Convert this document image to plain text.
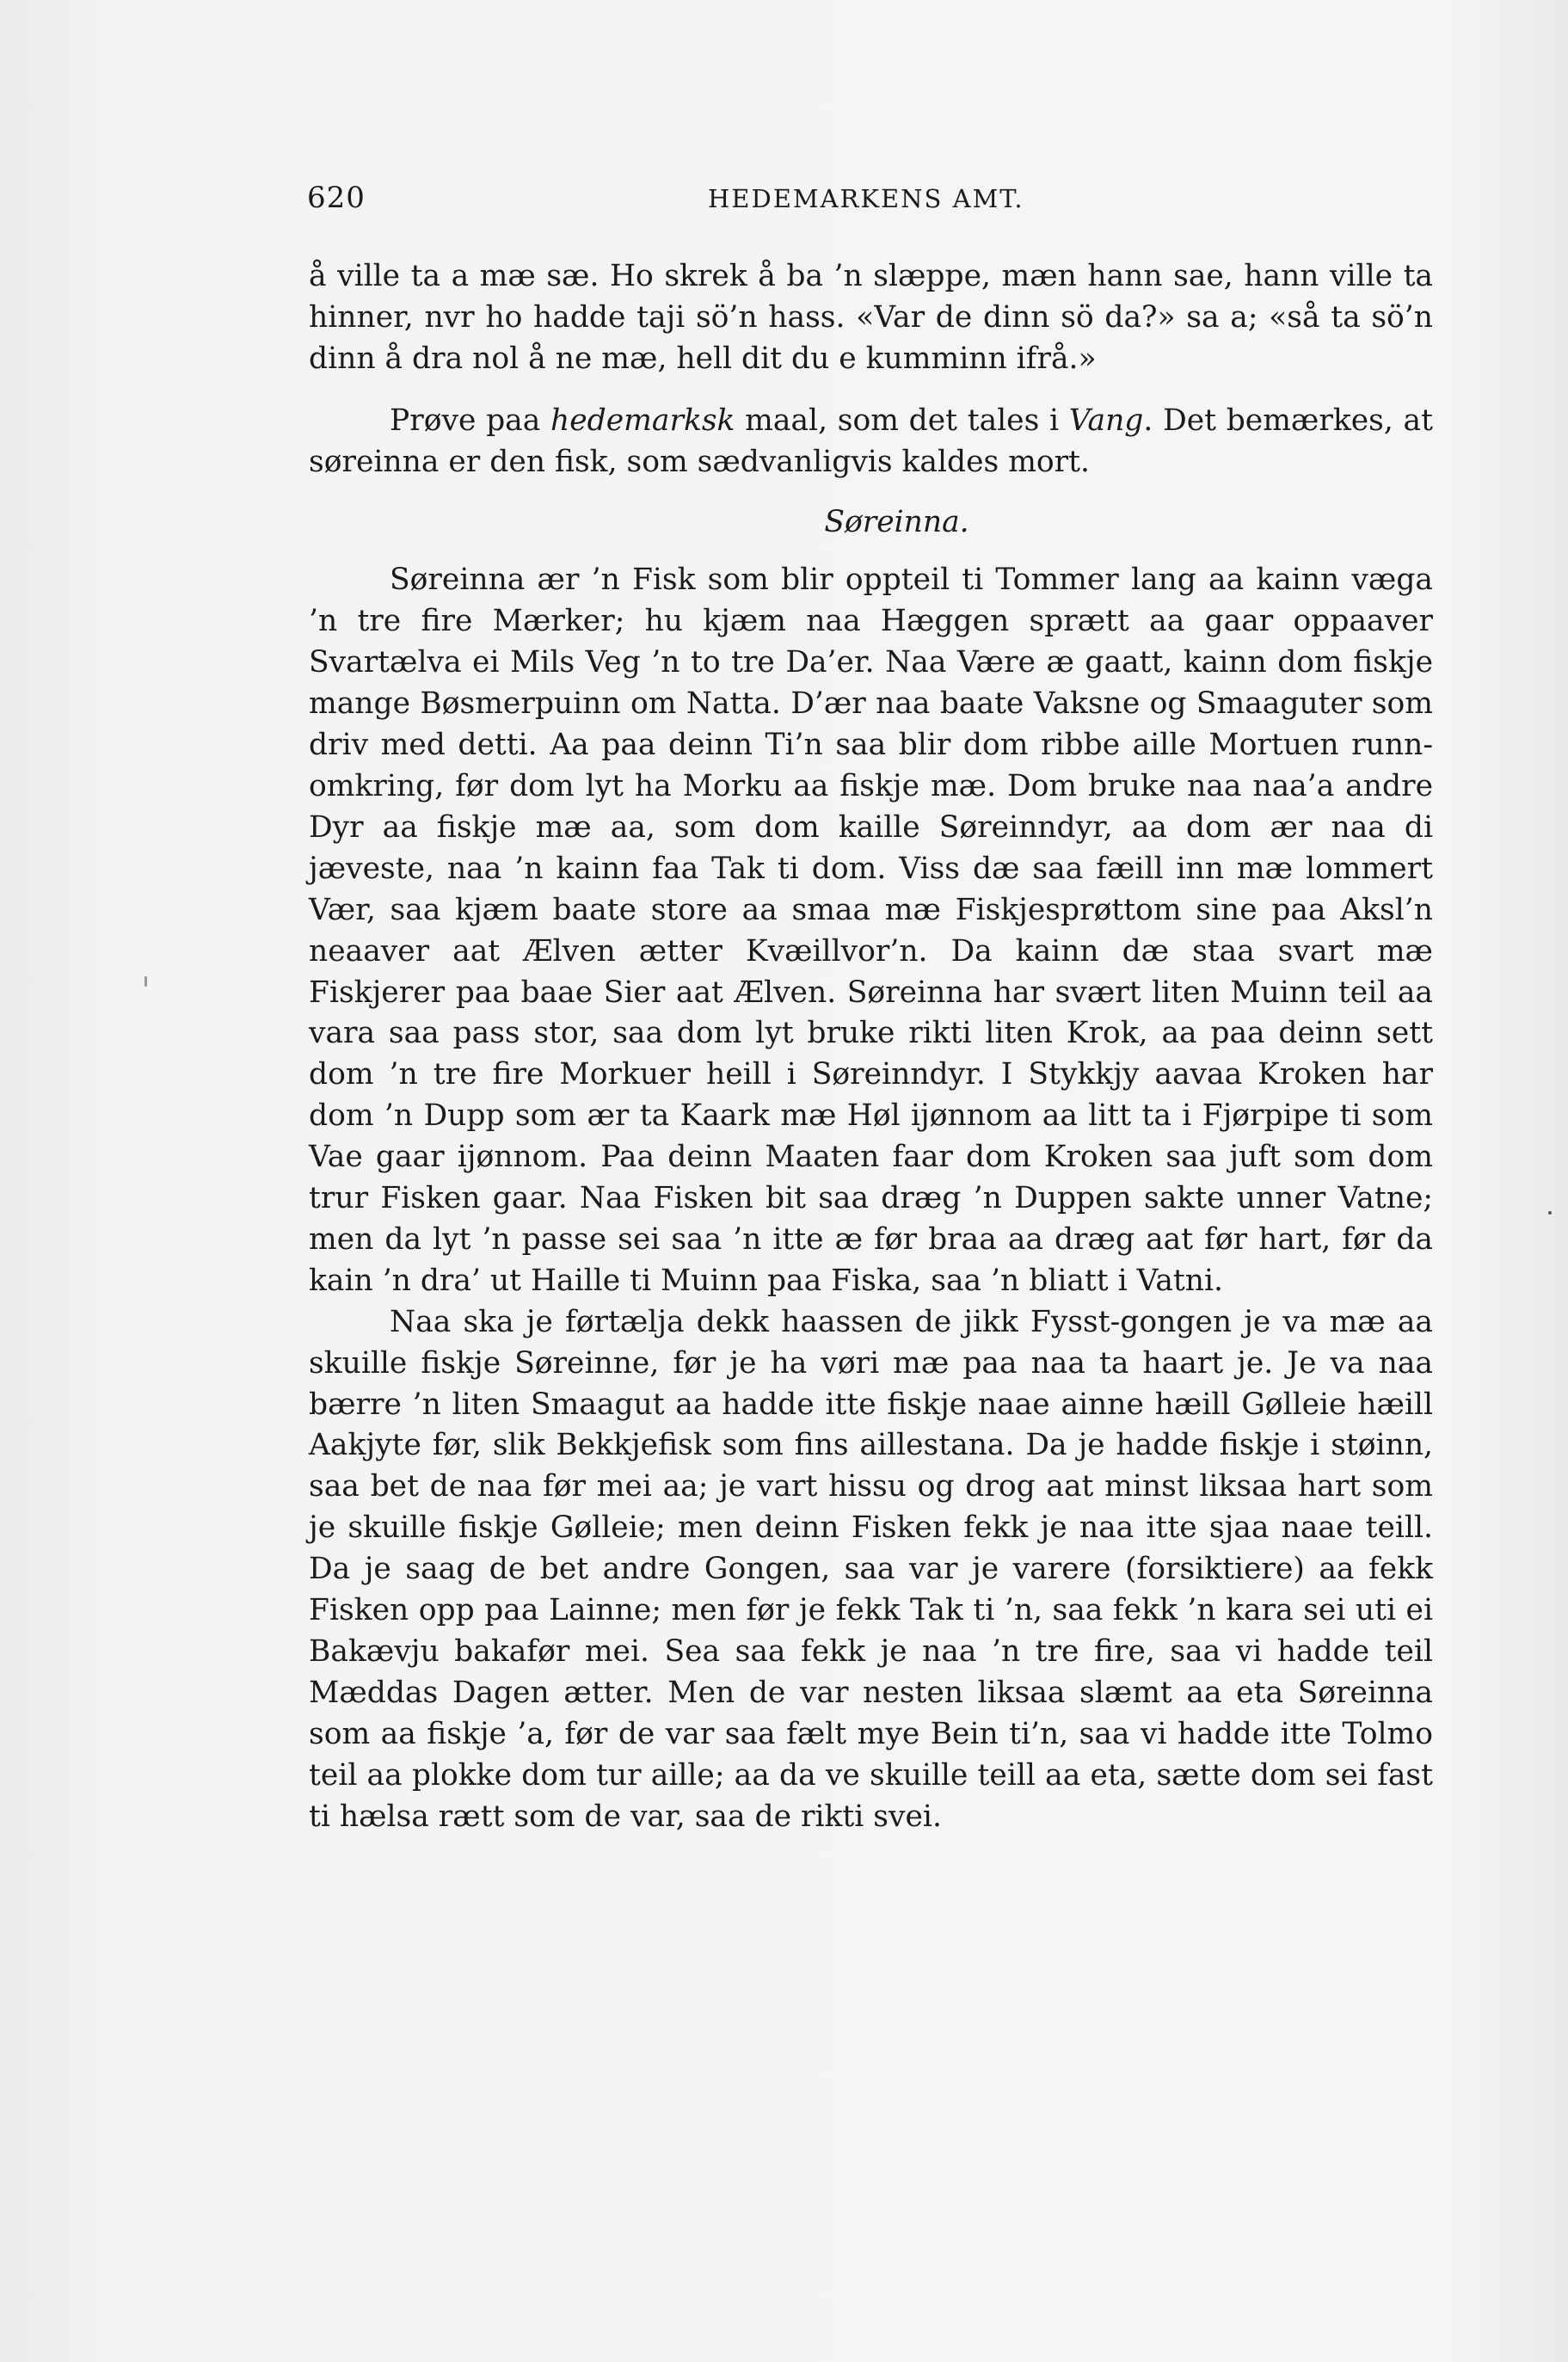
620	HEDEMARKENS AMT.

å ville ta a mæ sæ. Ho skrek å ba ’n slæppe, mæn hann sae, hann ville ta hinner, nvr ho hadde taji sö’n hass. «Var de dinn sö da?» sa a; «så ta sö’n dinn å dra nol å ne mæ, hell dit du e kumminn ifrå.»

Prøve paa hedemarksk maal, som det tales i Vang. Det bemærkes, at søreinna er den fisk, som sædvanligvis kaldes mort.

Søreinna.

Søreinna ær ’n Fisk som blir oppteil ti Tommer lang aa kainn væga ’n tre fire Mærker; hu kjæm naa Hæggen sprætt aa gaar oppaaver Svartælva ei Mils Veg ’n to tre Da’er. Naa Være æ gaatt, kainn dom fiskje mange Bøsmerpuinn om Natta. D’ær naa baate Vaksne og Smaaguter som driv med detti. Aa paa deinn Ti’n saa blir dom ribbe aille Mortuen runn-omkring, før dom lyt ha Morku aa fiskje mæ. Dom bruke naa naa’a andre Dyr aa fiskje mæ aa, som dom kaille Søreinndyr, aa dom ær naa di jæveste, naa ’n kainn faa Tak ti dom. Viss dæ saa fæill inn mæ lommert Vær, saa kjæm baate store aa smaa mæ Fiskjesprøttom sine paa Aksl’n neaaver aat Ælven ætter Kvæillvor’n. Da kainn dæ staa svart mæ Fiskjerer paa baae Sier aat Ælven. Søreinna har svært liten Muinn teil aa vara saa pass stor, saa dom lyt bruke rikti liten Krok, aa paa deinn sett dom ’n tre fire Morkuer heill i Søreinndyr. I Stykkjy aavaa Kroken har dom ’n Dupp som ær ta Kaark mæ Høl ijønnom aa litt ta i Fjørpipe ti som Vae gaar ijønnom. Paa deinn Maaten faar dom Kroken saa juft som dom trur Fisken gaar. Naa Fisken bit saa dræg ’n Duppen sakte unner Vatne; men da lyt ’n passe sei saa ’n itte æ før braa aa dræg aat før hart, før da kain ’n dra’ ut Haille ti Muinn paa Fiska, saa ’n bliatt i Vatni.

Naa ska je førtælja dekk haassen de jikk Fysst-gongen je va mæ aa skuille fiskje Søreinne, før je ha vøri mæ paa naa ta haart je. Je va naa bærre ’n liten Smaagut aa hadde itte fiskje naae ainne hæill Gølleie hæill Aakjyte før, slik Bekkjefisk som fins aillestana. Da je hadde fiskje i støinn, saa bet de naa før mei aa; je vart hissu og drog aat minst liksaa hart som je skuille fiskje Gølleie; men deinn Fisken fekk je naa itte sjaa naae teill. Da je saag de bet andre Gongen, saa var je varere (forsiktiere) aa fekk Fisken opp paa Lainne; men før je fekk Tak ti ’n, saa fekk ’n kara sei uti ei Bakævju bakafør mei. Sea saa fekk je naa ’n tre fire, saa vi hadde teil Mæddas Dagen ætter. Men de var nesten liksaa slæmt aa eta Søreinna som aa fiskje ’a, før de var saa fælt mye Bein ti’n, saa vi hadde itte Tolmo teil aa plokke dom tur aille; aa da ve skuille teill aa eta, sætte dom sei fast ti hælsa rætt som de var, saa de rikti svei.
